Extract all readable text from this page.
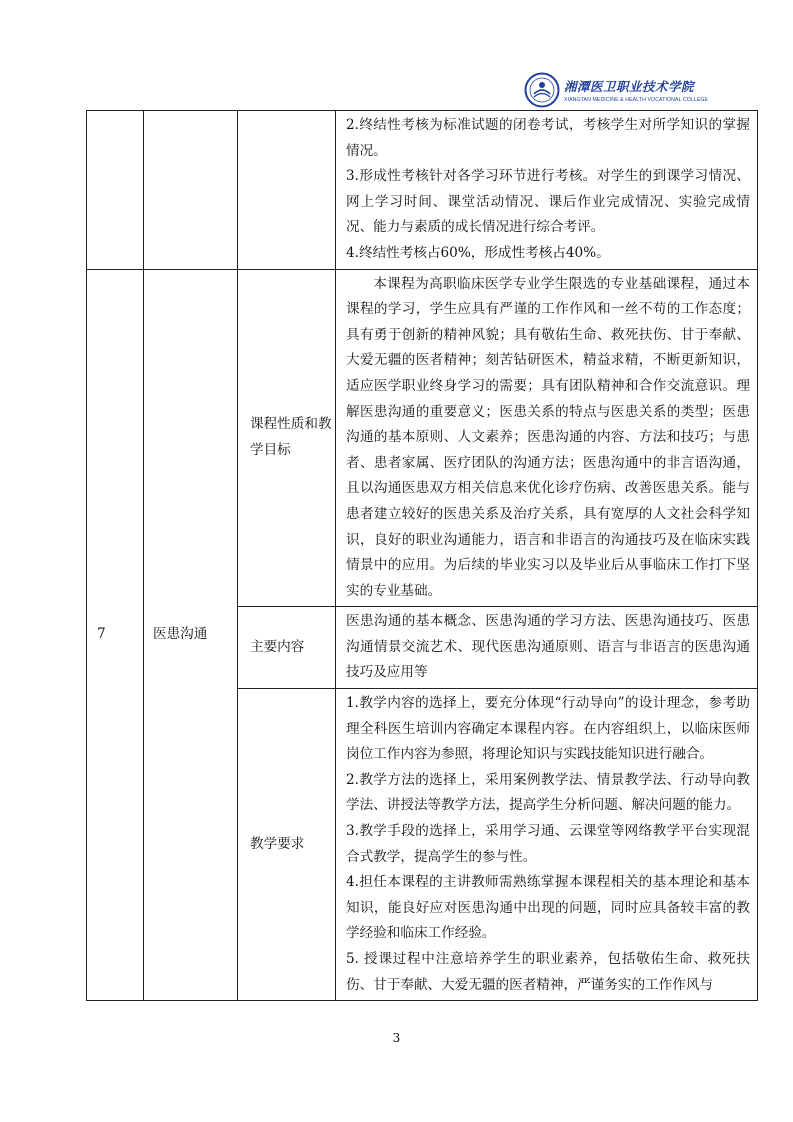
湘潭医卫职业技术学院
XIANGTAN MEDICINE & HEALTH VOCATIONAL COLLEGE

			2.终结性考核为标准试题的闭卷考试，考核学生对所学知识的掌握情况。

3.形成性考核针对各学习环节进行考核。对学生的到课学习情况、网上学习时间、课堂活动情况、课后作业完成情况、实验完成情况、能力与素质的成长情况进行综合考评。

4.终结性考核占60%，形成性考核占40%。

7	医患沟通	课程性质和教学目标	本课程为高职临床医学专业学生限选的专业基础课程，通过本课程的学习，学生应具有严谨的工作作风和一丝不苟的工作态度；具有勇于创新的精神风貌；具有敬佑生命、救死扶伤、甘于奉献、大爱无疆的医者精神；刻苦钻研医术，精益求精，不断更新知识，适应医学职业终身学习的需要；具有团队精神和合作交流意识。理解医患沟通的重要意义；医患关系的特点与医患关系的类型；医患沟通的基本原则、人文素养；医患沟通的内容、方法和技巧；与患者、患者家属、医疗团队的沟通方法；医患沟通中的非言语沟通，且以沟通医患双方相关信息来优化诊疗伤病、改善医患关系。能与患者建立较好的医患关系及治疗关系，具有宽厚的人文社会科学知识，良好的职业沟通能力，语言和非语言的沟通技巧及在临床实践情景中的应用。为后续的毕业实习以及毕业后从事临床工作打下坚实的专业基础。

		主要内容	医患沟通的基本概念、医患沟通的学习方法、医患沟通技巧、医患沟通情景交流艺术、现代医患沟通原则、语言与非语言的医患沟通技巧及应用等

		教学要求	1.教学内容的选择上，要充分体现“行动导向”的设计理念，参考助理全科医生培训内容确定本课程内容。在内容组织上，以临床医师岗位工作内容为参照，将理论知识与实践技能知识进行融合。

2.教学方法的选择上，采用案例教学法、情景教学法、行动导向教学法、讲授法等教学方法，提高学生分析问题、解决问题的能力。

3.教学手段的选择上，采用学习通、云课堂等网络教学平台实现混合式教学，提高学生的参与性。

4.担任本课程的主讲教师需熟练掌握本课程相关的基本理论和基本知识，能良好应对医患沟通中出现的问题，同时应具备较丰富的教学经验和临床工作经验。

5. 授课过程中注意培养学生的职业素养，包括敬佑生命、救死扶伤、甘于奉献、大爱无疆的医者精神，严谨务实的工作作风与

3
